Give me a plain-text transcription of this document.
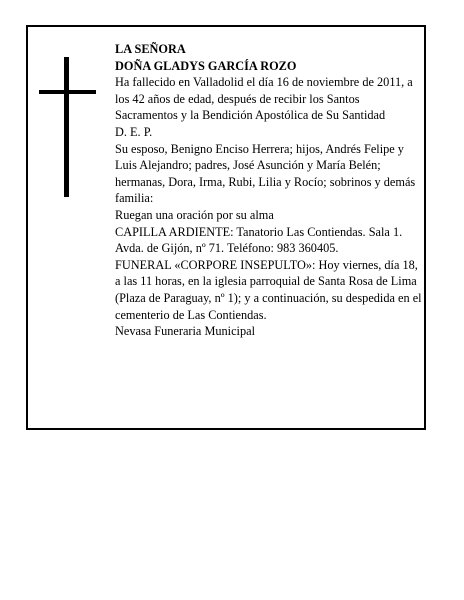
LA SEÑORA

DOÑA GLADYS GARCÍA ROZO

Ha fallecido en Valladolid el día 16 de noviembre de 2011, a los 42 años de edad, después de recibir los Santos Sacramentos y la Bendición Apostólica de Su Santidad

D. E. P.

Su esposo, Benigno Enciso Herrera; hijos, Andrés Felipe y Luis Alejandro; padres, José Asunción y María Belén; hermanas, Dora, Irma, Rubi, Lilia y Rocío; sobrinos y demás familia:

Ruegan una oración por su alma

CAPILLA ARDIENTE: Tanatorio Las Contiendas. Sala 1. Avda. de Gijón, nº 71. Teléfono: 983 360405.

FUNERAL «CORPORE INSEPULTO»: Hoy viernes, día 18, a las 11 horas, en la iglesia parroquial de Santa Rosa de Lima (Plaza de Paraguay, nº 1); y a continuación, su despedida en el cementerio de Las Contiendas.

Nevasa Funeraria Municipal
